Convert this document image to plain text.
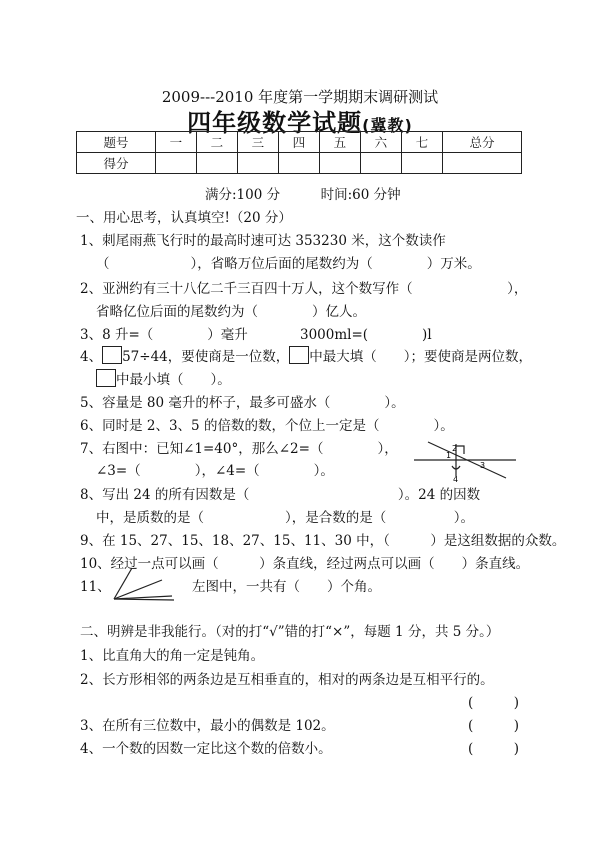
2009---2010 年度第一学期期末调研测试
四年级数学试题(冀教)
题号	一	二	三	四	五	六	七	总分
得分								
满分:100 分　　　时间:60 分钟
一、用心思考，认真填空!（20 分）
1、刺尾雨燕飞行时的最高时速可达 353230 米，这个数读作
（　　　　　　），省略万位后面的尾数约为（　　　　）万米。
2、亚洲约有三十八亿二千三百四十万人，这个数写作（　　　　　　　），
省略亿位后面的尾数约为（　　　　）亿人。
3、8 升=（　　　　）毫升	3000ml=(　　　　)l
4、 57÷44，要使商是一位数， 中最大填（　　）；要使商是两位数，
中最小填（　　）。
5、容量是 80 毫升的杯子，最多可盛水（　　　　）。
6、同时是 2、3、5 的倍数的数，个位上一定是（　　　　）。
7、右图中：已知∠1=40°，那么∠2=（　　　　），
∠3=（　　　　），∠4=（　　　　）。
1
2
3
4
8、写出 24 的所有因数是（　　　　　　　　　　　）。24 的因数
中，是质数的是（　　　　　　），是合数的是（　　　　　）。
9、在 15、27、15、18、27、15、11、30 中，（　　　）是这组数据的众数。
10、经过一点可以画（　　　）条直线，经过两点可以画（　　）条直线。
11、	左图中，一共有（　　）个角。
二、明辨是非我能行。（对的打“√”错的打“×”，每题 1 分，共 5 分。）
1、比直角大的角一定是钝角。
2、长方形相邻的两条边是互相垂直的，相对的两条边是互相平行的。
(　　　)
3、在所有三位数中，最小的偶数是 102。	(　　　)
4、一个数的因数一定比这个数的倍数小。	(　　　)
